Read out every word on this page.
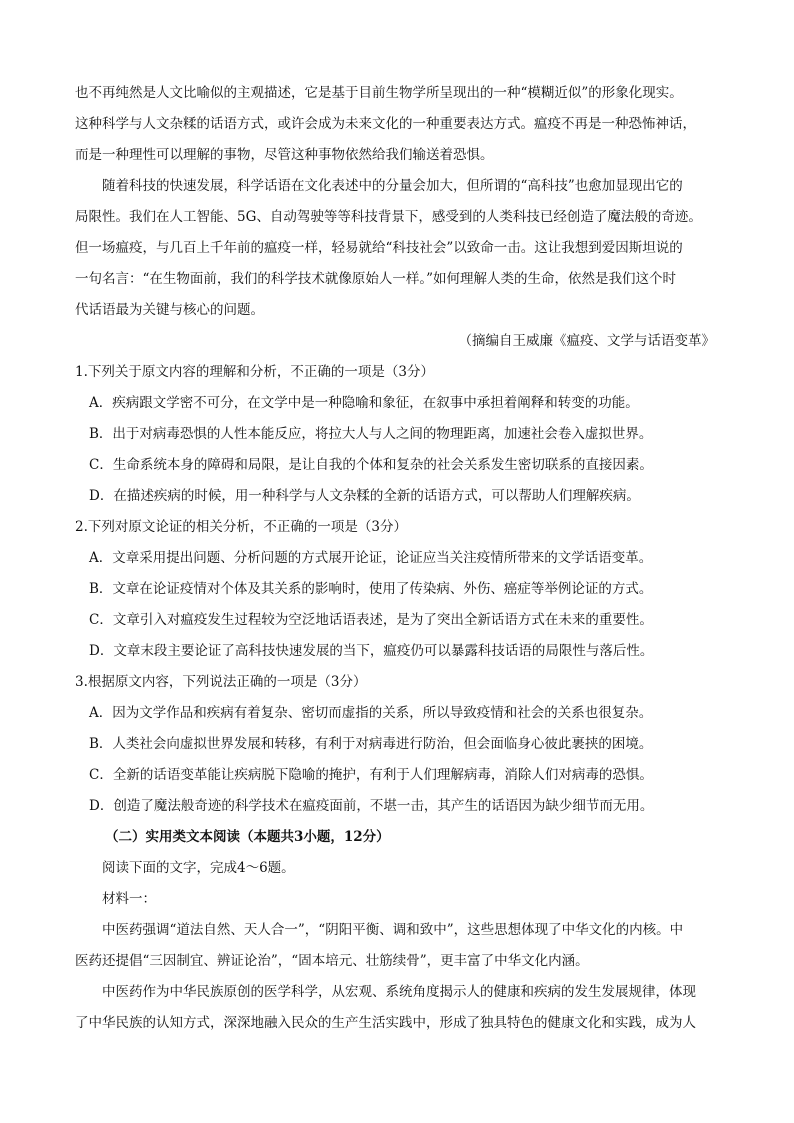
也不再纯然是人文比喻似的主观描述，它是基于目前生物学所呈现出的一种“模糊近似”的形象化现实。
这种科学与人文杂糅的话语方式，或许会成为未来文化的一种重要表达方式。瘟疫不再是一种恐怖神话，
而是一种理性可以理解的事物，尽管这种事物依然给我们输送着恐惧。
随着科技的快速发展，科学话语在文化表述中的分量会加大，但所谓的“高科技”也愈加显现出它的
局限性。我们在人工智能、5G、自动驾驶等等科技背景下，感受到的人类科技已经创造了魔法般的奇迹。
但一场瘟疫，与几百上千年前的瘟疫一样，轻易就给“科技社会”以致命一击。这让我想到爱因斯坦说的
一句名言：“在生物面前，我们的科学技术就像原始人一样。”如何理解人类的生命，依然是我们这个时
代话语最为关键与核心的问题。
（摘编自王威廉《瘟疫、文学与话语变革》
1.下列关于原文内容的理解和分析，不正确的一项是（3分）
A．疾病跟文学密不可分，在文学中是一种隐喻和象征，在叙事中承担着阐释和转变的功能。
B．出于对病毒恐惧的人性本能反应，将拉大人与人之间的物理距离，加速社会卷入虚拟世界。
C．生命系统本身的障碍和局限，是让自我的个体和复杂的社会关系发生密切联系的直接因素。
D．在描述疾病的时候，用一种科学与人文杂糅的全新的话语方式，可以帮助人们理解疾病。
2.下列对原文论证的相关分析，不正确的一项是（3分）
A．文章采用提出问题、分析问题的方式展开论证，论证应当关注疫情所带来的文学话语变革。
B．文章在论证疫情对个体及其关系的影响时，使用了传染病、外伤、癌症等举例论证的方式。
C．文章引入对瘟疫发生过程较为空泛地话语表述，是为了突出全新话语方式在未来的重要性。
D．文章末段主要论证了高科技快速发展的当下，瘟疫仍可以暴露科技话语的局限性与落后性。
3.根据原文内容，下列说法正确的一项是（3分）
A．因为文学作品和疾病有着复杂、密切而虚指的关系，所以导致疫情和社会的关系也很复杂。
B．人类社会向虚拟世界发展和转移，有利于对病毒进行防治，但会面临身心彼此裹挟的困境。
C．全新的话语变革能让疾病脱下隐喻的掩护，有利于人们理解病毒，消除人们对病毒的恐惧。
D．创造了魔法般奇迹的科学技术在瘟疫面前，不堪一击，其产生的话语因为缺少细节而无用。
（二）实用类文本阅读（本题共3小题，12分）
阅读下面的文字，完成4～6题。
材料一：
中医药强调“道法自然、天人合一”，“阴阳平衡、调和致中”，这些思想体现了中华文化的内核。中
医药还提倡“三因制宜、辨证论治”，“固本培元、壮筋续骨”，更丰富了中华文化内涵。
中医药作为中华民族原创的医学科学，从宏观、系统角度揭示人的健康和疾病的发生发展规律，体现
了中华民族的认知方式，深深地融入民众的生产生活实践中，形成了独具特色的健康文化和实践，成为人
